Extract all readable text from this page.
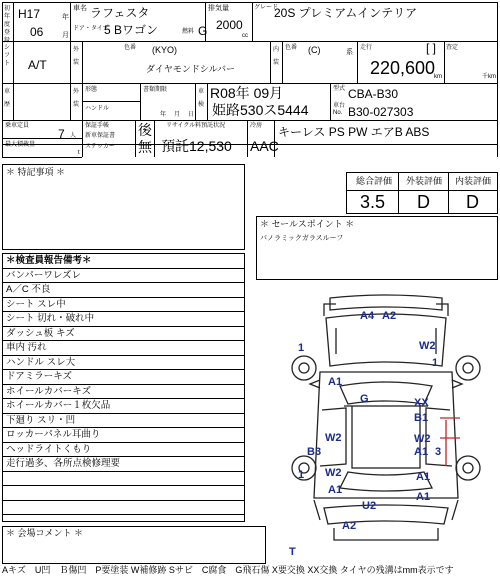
初年度登録
H17	年
06	月
車名 ラフェスタ
ドア・タイプ
5 Bワゴン	燃料 G
排気量
2000
cc
グレード
20S プレミアムインテリア
シフト A/T
外装
色番 (KYO)
ダイヤモンドシルバー
内装
色番 (C)	系
走行	[ ]
220,600
km
査定
千km
車歴
外装
形態
ハンドル
書類期限
年 月 日
車検
R08年 09月
姫路530ス5444
型式 CBA-B30
車台No. B30-027303
乗車定員
7 人
最大積載量
t
保証手帳
新車保証書
ステッカー
後
無
リサイクル料預託状況
預託12,530
冷房
AAC
キーレス PS PW エアB ABS
＊ 特記事項 ＊
総合評価 外装評価 内装評価
3.5 D D
＊ セールスポイント ＊
パノラミックガラスルーフ
＊検査員報告備考＊
バンパーワレズレ
A／C 不良
シート スレ中
シート 切れ・破れ中
ダッシュ板 キズ
車内 汚れ
ハンドル スレ大
ドアミラーキズ
ホイールカバーキズ
ホイールカバー１枚欠品
下廻り スリ・凹
ロッカーパネル耳曲り
ヘッドライトくもり
走行過多、各所点検修理要
＊ 会場コメント ＊
A4 A2
W2
1
1
A1
G	XX
B1
W2
B3
W2
A1 3
1 W2
A1
A1
U2
A1
A2
T
Aキズ　U凹　Ｂ傷凹　P要塗装 W補修跡 Sサビ　C腐食　G飛石傷 X要交換 XX交換 タイヤの残溝はmm表示です
